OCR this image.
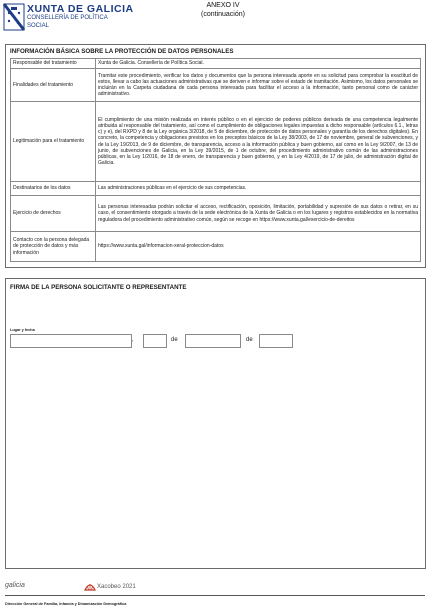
XUNTA DE GALICIA
CONSELLERÍA DE POLÍTICA
SOCIAL
ANEXO IV
(continuación)
INFORMACIÓN BÁSICA SOBRE LA PROTECCIÓN DE DATOS PERSONALES
Responsable del tratamiento	Xunta de Galicia. Consellería de Política Social.
Finalidades del tratamiento	Tramitar este procedimiento, verificar los datos y documentos que la persona interesada aporte en su solicitud para comprobar la exactitud de estos, llevar a cabo las actuaciones administrativas que se deriven e informar sobre el estado de tramitación. Asimismo, los datos personales se incluirán en la Carpeta ciudadana de cada persona interesada para facilitar el acceso a la información, tanto personal como de carácter administrativo.
Legitimación para el tratamiento	El cumplimiento de una misión realizada en interés público o en el ejercicio de poderes públicos derivada de una competencia legalmente atribuida al responsable del tratamiento, así como el cumplimiento de obligaciones legales impuestas a dicho responsable (artículos 6.1., letras c) y e), del RXPD y 8 de la Ley orgánica 3/2018, de 5 de diciembre, de protección de datos personales y garantía de los derechos digitales). En concreto, la competencia y obligaciones previstos en los preceptos básicos de la Ley 38/2003, de 17 de noviembre, general de subvenciones, y de la Ley 19/2013, de 9 de diciembre, de transparencia, acceso a la información pública y buen gobierno, así como en la Ley 9/2007, de 13 de junio, de subvenciones de Galicia, en la Ley 39/2015, de 1 de octubre, del procedimiento administrativo común de las administraciones públicas, en la Ley 1/2016, de 18 de enero, de transparencia y buen gobierno, y en la Ley 4/2019, de 17 de julio, de administración digital de Galicia.
Destinatarios de los datos	Las administraciones públicas en el ejercicio de sus competencias.
Ejercicio de derechos	Las personas interesadas podrán solicitar el acceso, rectificación, oposición, limitación, portabilidad y supresión de sus datos o retirar, en su caso, el consentimiento otorgado a través de la sede electrónica de la Xunta de Galicia o en los lugares y registros establecidos en la normativa reguladora del procedimiento administrativo común, según se recoge en https://www.xunta.gal/exercicio-de-dereitos
Contacto con la persona delegada de protección de datos y más información	https://www.xunta.gal/informacion-xeral-proteccion-datos
FIRMA DE LA PERSONA SOLICITANTE O REPRESENTANTE
Lugar y fecha
,	de	de
galicia	Xacobeo 2021
Dirección General de Familia, Infancia y Dinamización Demográfica
